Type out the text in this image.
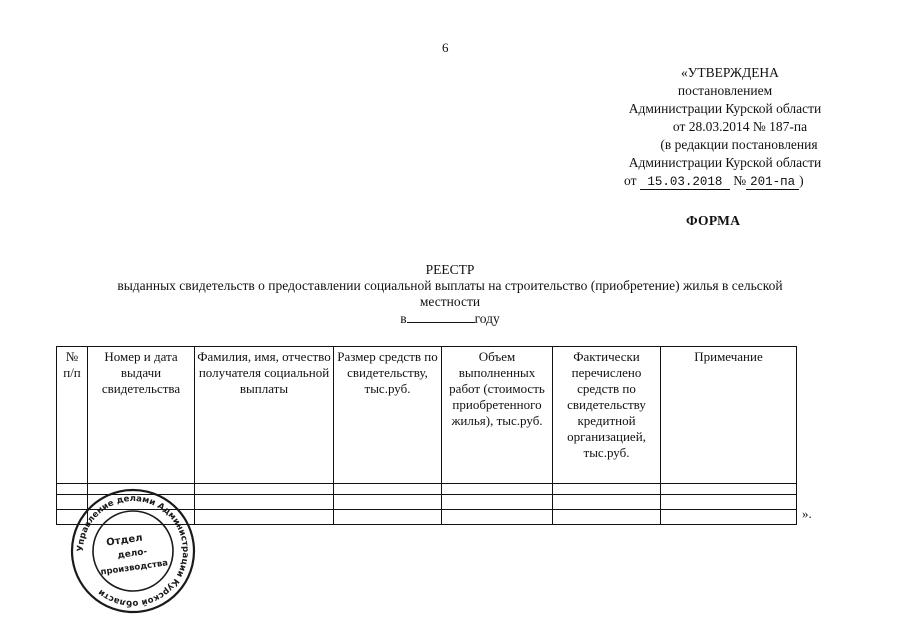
6
«УТВЕРЖДЕНА
постановлением
Администрации Курской области
от 28.03.2014 № 187-па
(в редакции постановления
Администрации Курской области
от 15.03.2018 № 201-па )
ФОРМА
РЕЕСТР
выданных свидетельств о предоставлении социальной выплаты на строительство (приобретение) жилья в сельской
местности
в	году
№ п/п	Номер и дата выдачи свидетельства	Фамилия, имя, отчество получателя социальной выплаты	Размер средств по свидетельству, тыс.руб.	Объем выполненных работ (стоимость приобретенного жилья), тыс.руб.	Фактически перечислено средств по свидетельству кредитной организацией, тыс.руб.	Примечание

».
Управление делами Администрации Курской области
Отдел
дело-
производства
